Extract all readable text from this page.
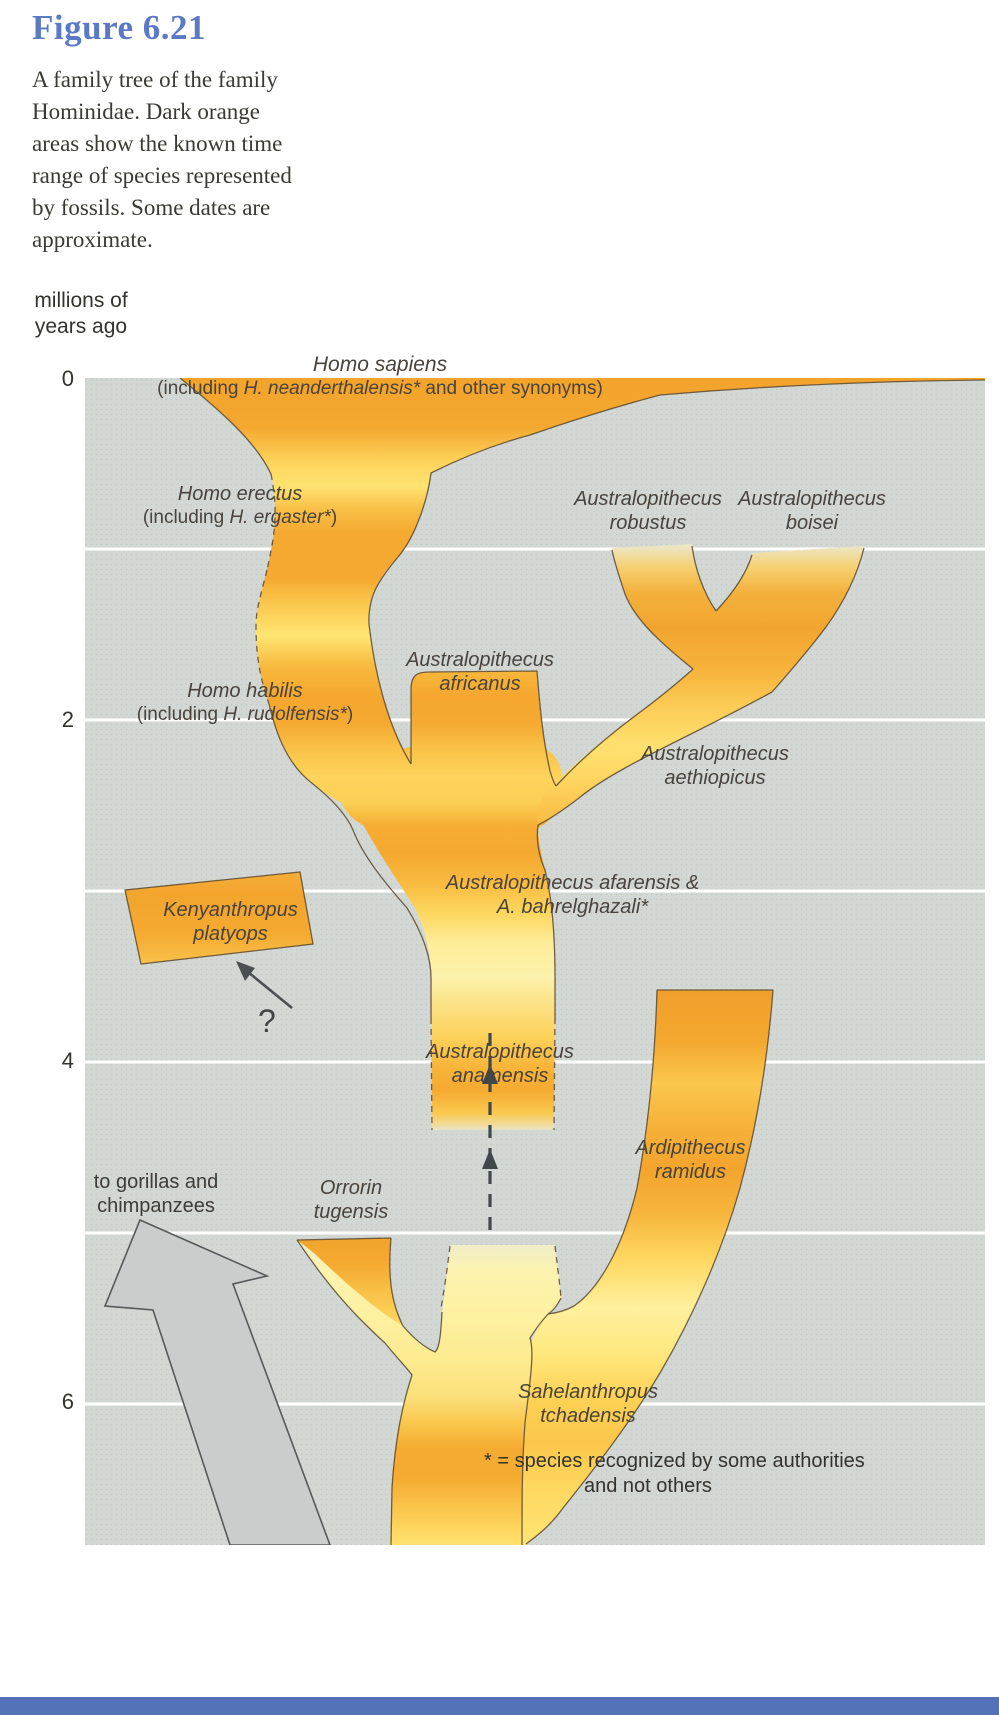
Figure 6.21
A family tree of the family
Hominidae. Dark orange
areas show the known time
range of species represented
by fossils. Some dates are
approximate.
millions of
years ago
0
2
4
6
Homo sapiens
(including H. neanderthalensis* and other synonyms)
Homo erectus
(including H. ergaster*)
Australopithecus
robustus
Australopithecus
boisei
Australopithecus
africanus
Homo habilis
(including H. rudolfensis*)
Australopithecus
aethiopicus
Australopithecus afarensis &
A. bahrelghazali*
Kenyanthropus
platyops
?
Australopithecus
anamensis
Ardipithecus
ramidus
Orrorin
tugensis
to gorillas and
chimpanzees
Sahelanthropus
tchadensis
* = species recognized by some authorities
and not others
